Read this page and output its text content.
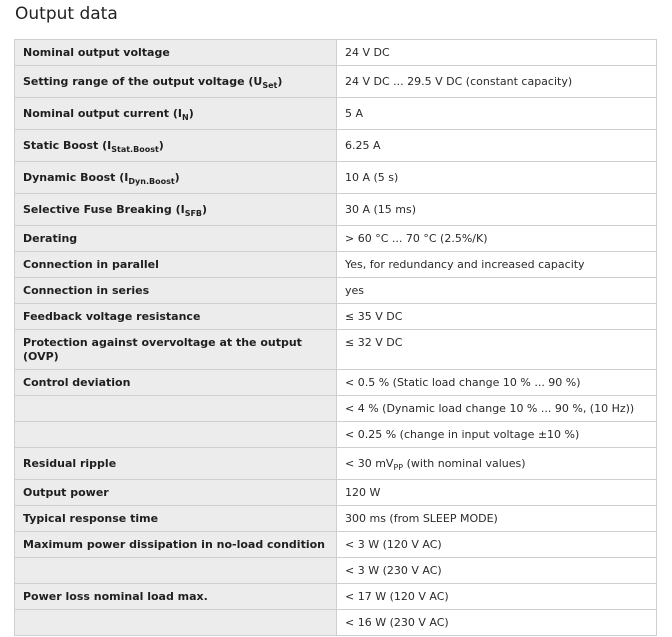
Output data
Nominal output voltage	24 V DC
Setting range of the output voltage $(U_{Set})$	24 V DC ... 29.5 V DC (constant capacity)
Nominal output current $(I_N)$	5 A
Static Boost $(I_{Stat.Boost})$	6.25 A
Dynamic Boost $(I_{Dyn.Boost})$	10 A (5 s)
Selective Fuse Breaking $(I_{SFB})$	30 A (15 ms)
Derating	> 60 °C ... 70 °C (2.5%/K)
Connection in parallel	Yes, for redundancy and increased capacity
Connection in series	yes
Feedback voltage resistance	≤ 35 V DC
Protection against overvoltage at the output (OVP)	≤ 32 V DC
Control deviation	< 0.5 % (Static load change 10 % ... 90 %)
	< 4 % (Dynamic load change 10 % ... 90 %, (10 Hz))
	< 0.25 % (change in input voltage ±10 %)
Residual ripple	< 30 $mV_{PP}$ (with nominal values)
Output power	120 W
Typical response time	300 ms (from SLEEP MODE)
Maximum power dissipation in no-load condition	< 3 W (120 V AC)
	< 3 W (230 V AC)
Power loss nominal load max.	< 17 W (120 V AC)
	< 16 W (230 V AC)
